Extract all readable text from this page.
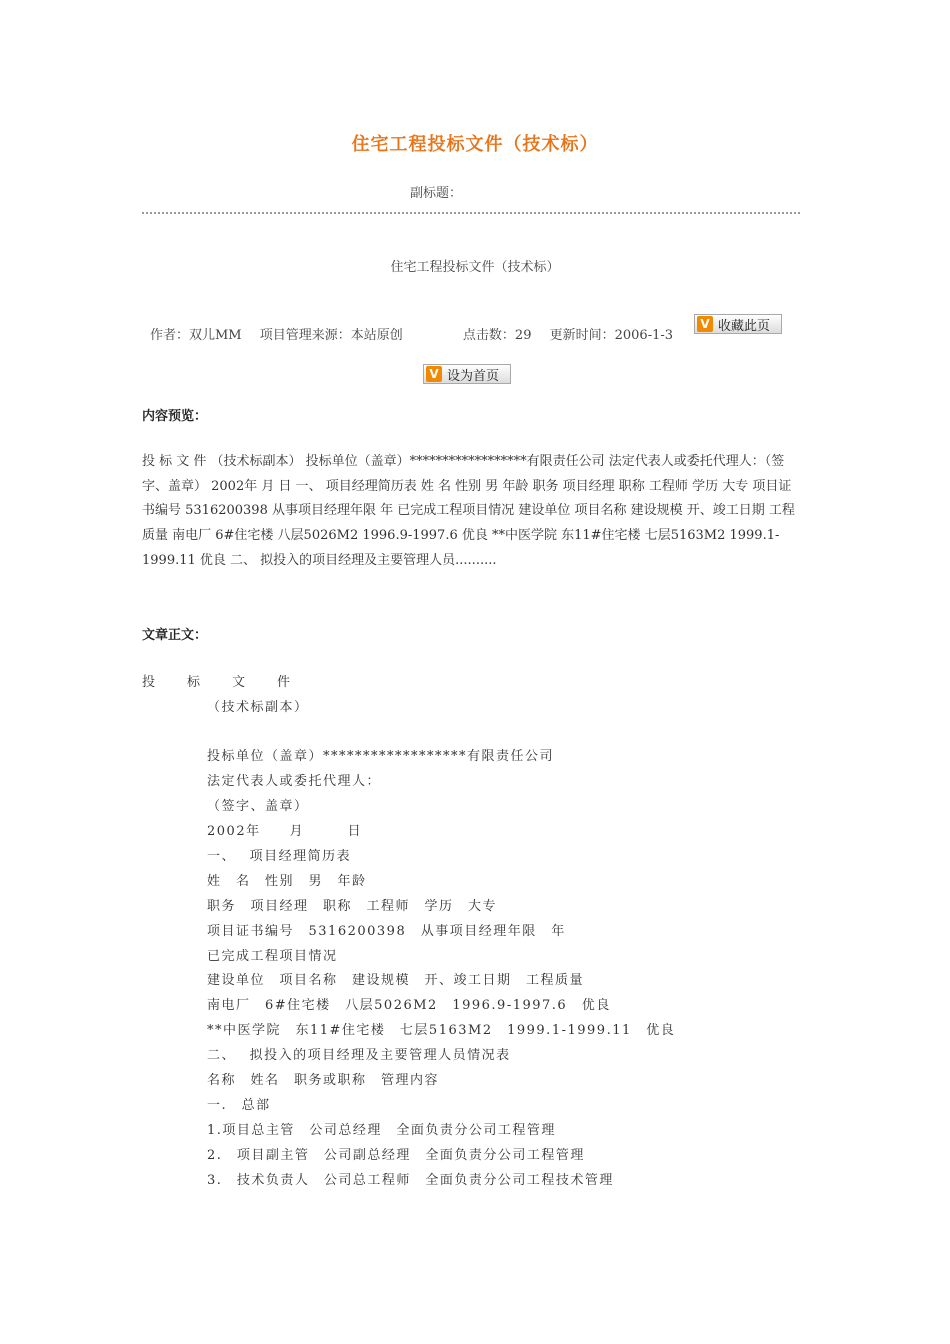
住宅工程投标文件（技术标）
副标题：
住宅工程投标文件（技术标）
作者：双儿MM 项目管理来源：本站原创	点击数：29 更新时间：2006-1-3
V 收藏此页
V 设为首页
内容预览：
投 标 文 件 （技术标副本） 投标单位（盖章）******************有限责任公司 法定代表人或委托代理人：（签字、盖章） 2002年 月 日 一、 项目经理简历表 姓 名 性别 男 年龄 职务 项目经理 职称 工程师 学历 大专 项目证书编号 5316200398 从事项目经理年限 年 已完成工程项目情况 建设单位 项目名称 建设规模 开、竣工日期 工程质量 南电厂 6#住宅楼 八层5026M2 1996.9-1997.6 优良 **中医学院 东11#住宅楼 七层5163M2 1999.1-1999.11 优良 二、 拟投入的项目经理及主要管理人员..........
文章正文：
投　　标　　文　　件
（技术标副本）
投标单位（盖章）******************有限责任公司
法定代表人或委托代理人：
（签字、盖章）
2002年　　月　　　日
一、　 项目经理简历表
姓　名　性别　男　年龄
职务　项目经理　职称　工程师　学历　大专
项目证书编号　5316200398　从事项目经理年限　年
已完成工程项目情况
建设单位　项目名称　建设规模　开、竣工日期　工程质量
南电厂　6#住宅楼　八层5026M2　1996.9-1997.6　优良
**中医学院　东11#住宅楼　七层5163M2　1999.1-1999.11　优良
二、　 拟投入的项目经理及主要管理人员情况表
名称　姓名　职务或职称　管理内容
一.　总部
1.项目总主管　公司总经理　全面负责分公司工程管理
2.　项目副主管　公司副总经理　全面负责分公司工程管理
3.　技术负责人　公司总工程师　全面负责分公司工程技术管理
